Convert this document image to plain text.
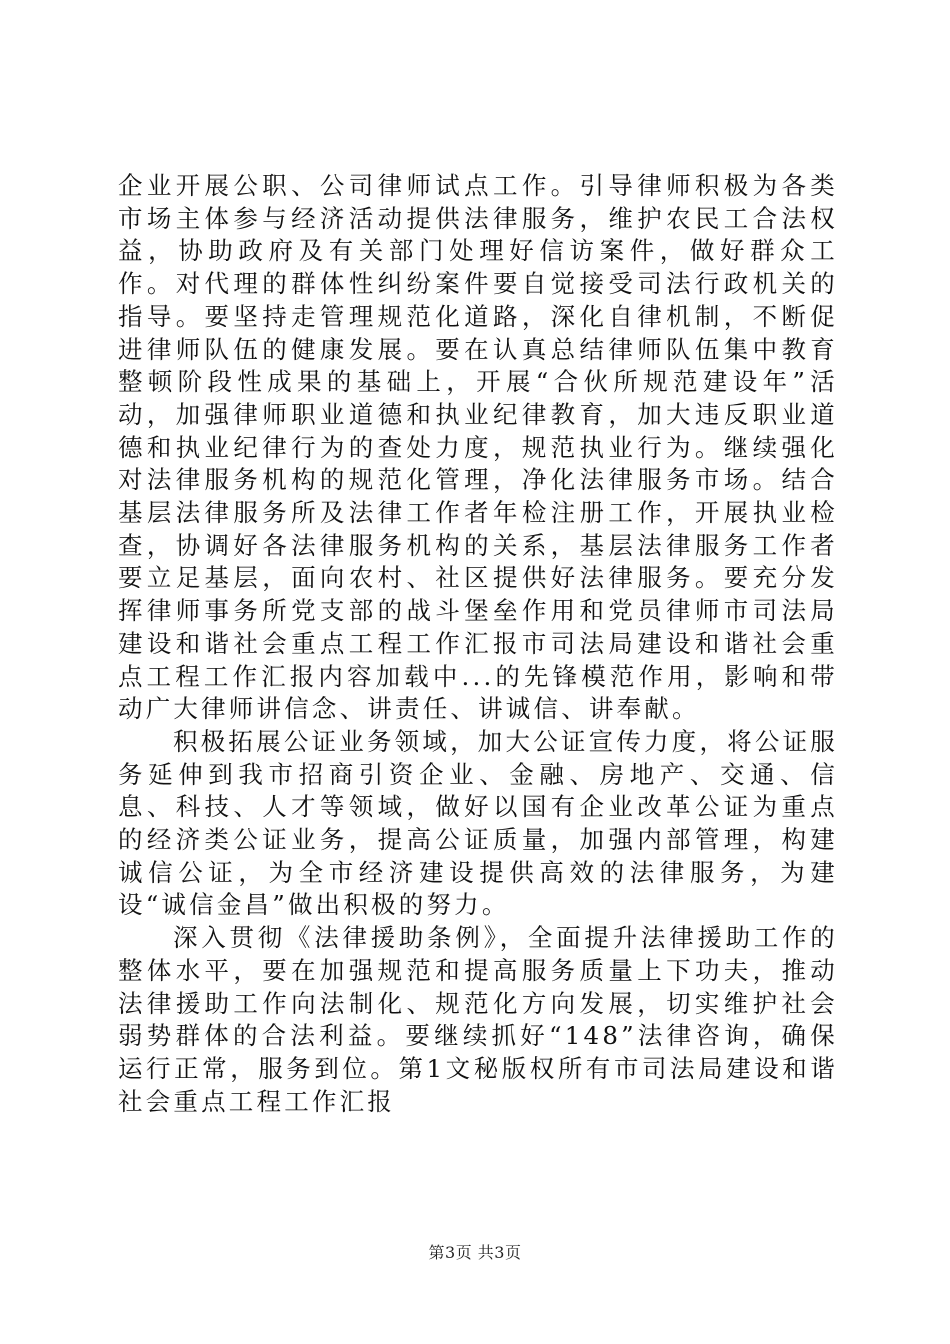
企业开展公职、公司律师试点工作。引导律师积极为各类市场主体参与经济活动提供法律服务，维护农民工合法权益，协助政府及有关部门处理好信访案件，做好群众工作。对代理的群体性纠纷案件要自觉接受司法行政机关的指导。要坚持走管理规范化道路，深化自律机制，不断促进律师队伍的健康发展。要在认真总结律师队伍集中教育整顿阶段性成果的基础上，开展“合伙所规范建设年”活动，加强律师职业道德和执业纪律教育，加大违反职业道德和执业纪律行为的查处力度，规范执业行为。继续强化对法律服务机构的规范化管理，净化法律服务市场。结合基层法律服务所及法律工作者年检注册工作，开展执业检查，协调好各法律服务机构的关系，基层法律服务工作者要立足基层，面向农村、社区提供好法律服务。要充分发挥律师事务所党支部的战斗堡垒作用和党员律师市司法局建设和谐社会重点工程工作汇报市司法局建设和谐社会重点工程工作汇报内容加载中...的先锋模范作用，影响和带动广大律师讲信念、讲责任、讲诚信、讲奉献。

积极拓展公证业务领域，加大公证宣传力度，将公证服务延伸到我市招商引资企业、金融、房地产、交通、信息、科技、人才等领域，做好以国有企业改革公证为重点的经济类公证业务，提高公证质量，加强内部管理，构建诚信公证，为全市经济建设提供高效的法律服务，为建设“诚信金昌”做出积极的努力。

深入贯彻《法律援助条例》，全面提升法律援助工作的整体水平，要在加强规范和提高服务质量上下功夫，推动法律援助工作向法制化、规范化方向发展，切实维护社会弱势群体的合法利益。要继续抓好“148”法律咨询，确保运行正常，服务到位。第1文秘版权所有市司法局建设和谐社会重点工程工作汇报

第3页 共3页
